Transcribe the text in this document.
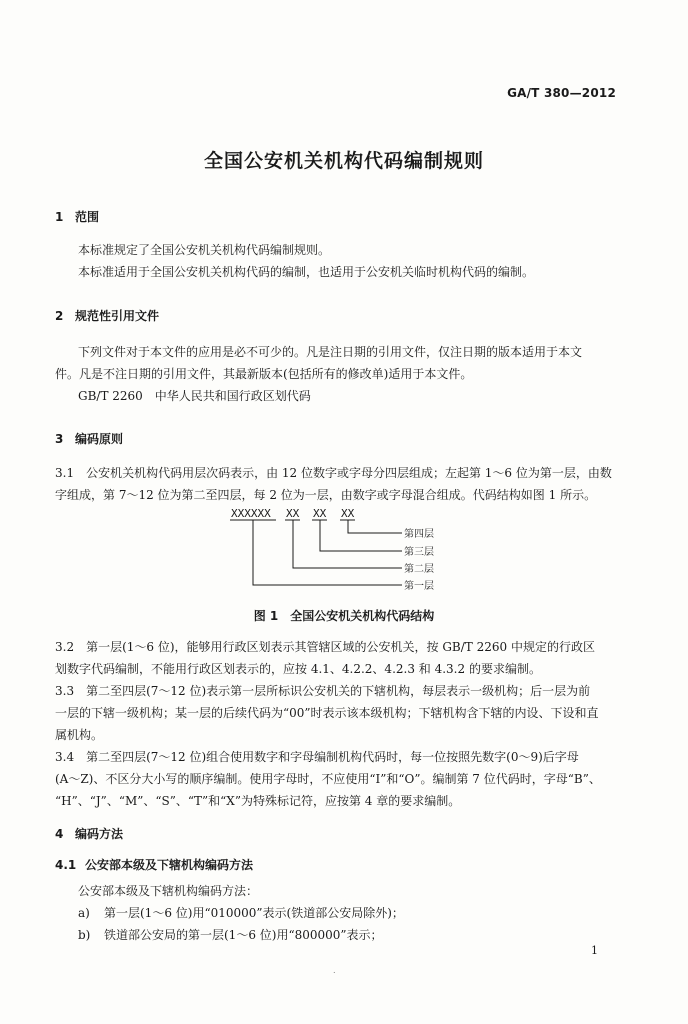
GA/T 380—2012
全国公安机关机构代码编制规则
1 范围
本标准规定了全国公安机关机构代码编制规则。
本标准适用于全国公安机关机构代码的编制，也适用于公安机关临时机构代码的编制。
2 规范性引用文件
下列文件对于本文件的应用是必不可少的。凡是注日期的引用文件，仅注日期的版本适用于本文
件。凡是不注日期的引用文件，其最新版本(包括所有的修改单)适用于本文件。
GB/T 2260　中华人民共和国行政区划代码
3 编码原则
3.1　公安机关机构代码用层次码表示，由 12 位数字或字母分四层组成；左起第 1～6 位为第一层，由数
字组成，第 7～12 位为第二至四层，每 2 位为一层，由数字或字母混合组成。代码结构如图 1 所示。
XXXXXX XX XX XX
第四层
第三层
第二层
第一层
图 1　全国公安机关机构代码结构
3.2　第一层(1～6 位)，能够用行政区划表示其管辖区域的公安机关，按 GB/T 2260 中规定的行政区
划数字代码编制，不能用行政区划表示的，应按 4.1、4.2.2、4.2.3 和 4.3.2 的要求编制。
3.3　第二至四层(7～12 位)表示第一层所标识公安机关的下辖机构，每层表示一级机构；后一层为前
一层的下辖一级机构；某一层的后续代码为“00”时表示该本级机构；下辖机构含下辖的内设、下设和直
属机构。
3.4　第二至四层(7～12 位)组合使用数字和字母编制机构代码时，每一位按照先数字(0～9)后字母
(A～Z)、不区分大小写的顺序编制。使用字母时，不应使用“I”和“O”。编制第 7 位代码时，字母“B”、
“H”、“J”、“M”、“S”、“T”和“X”为特殊标记符，应按第 4 章的要求编制。
4 编码方法
4.1 公安部本级及下辖机构编码方法
公安部本级及下辖机构编码方法：
a) 第一层(1～6 位)用“010000”表示(铁道部公安局除外)；
b) 铁道部公安局的第一层(1～6 位)用“800000”表示；
1
.
